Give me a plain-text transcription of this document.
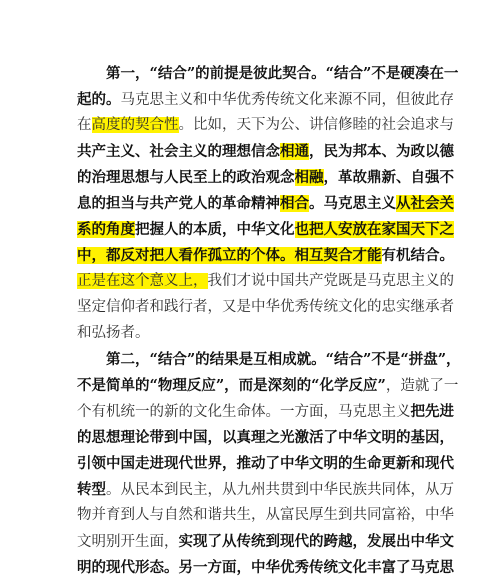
第一，“结合”的前提是彼此契合。“结合”不是硬凑在一
起的。马克思主义和中华优秀传统文化来源不同，但彼此存
在高度的契合性。比如，天下为公、讲信修睦的社会追求与
共产主义、社会主义的理想信念相通，民为邦本、为政以德
的治理思想与人民至上的政治观念相融，革故鼎新、自强不
息的担当与共产党人的革命精神相合。马克思主义从社会关
系的角度把握人的本质，中华文化也把人安放在家国天下之
中，都反对把人看作孤立的个体。相互契合才能有机结合。
正是在这个意义上，我们才说中国共产党既是马克思主义的
坚定信仰者和践行者，又是中华优秀传统文化的忠实继承者
和弘扬者。
第二，“结合”的结果是互相成就。“结合”不是“拼盘”，
不是简单的“物理反应”，而是深刻的“化学反应”，造就了一
个有机统一的新的文化生命体。一方面，马克思主义把先进
的思想理论带到中国，以真理之光激活了中华文明的基因，
引领中国走进现代世界，推动了中华文明的生命更新和现代
转型。从民本到民主，从九州共贯到中华民族共同体，从万
物并育到人与自然和谐共生，从富民厚生到共同富裕，中华
文明别开生面，实现了从传统到现代的跨越，发展出中华文
明的现代形态。另一方面，中华优秀传统文化丰富了马克思
